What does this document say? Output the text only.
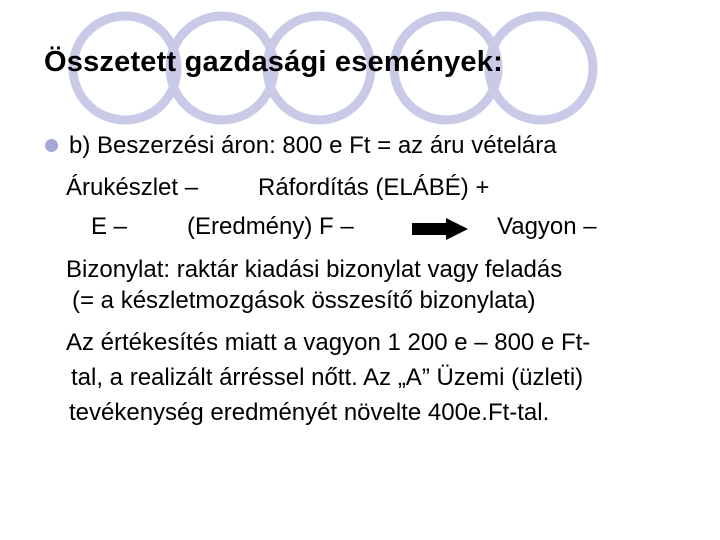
Összetett gazdasági események:
b) Beszerzési áron: 800 e Ft = az áru vételára
Árukészlet – Ráfordítás (ELÁBÉ) +
E – (Eredmény) F –	Vagyon –
Bizonylat: raktár kiadási bizonylat vagy feladás
(= a készletmozgások összesítő bizonylata)
Az értékesítés miatt a vagyon 1 200 e – 800 e Ft-
tal, a realizált árréssel nőtt. Az „A” Üzemi (üzleti)
tevékenység eredményét növelte 400e.Ft-tal.
